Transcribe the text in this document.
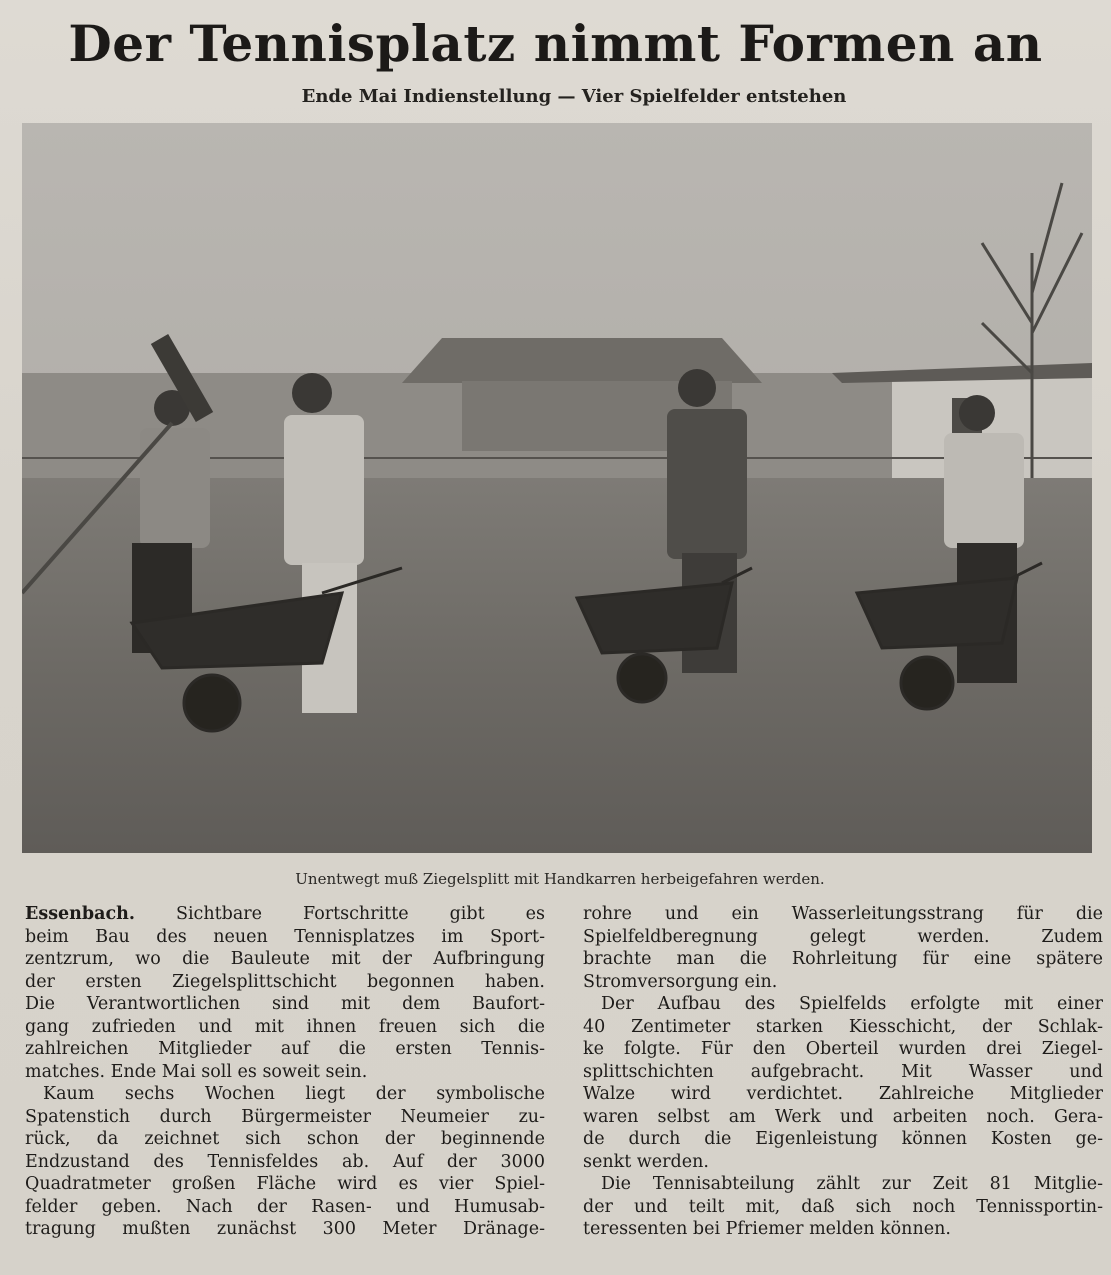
Der Tennisplatz nimmt Formen an
Ende Mai Indienstellung — Vier Spielfelder entstehen
Unentwegt muß Ziegelsplitt mit Handkarren herbeigefahren werden.
Essenbach. Sichtbare Fortschritte gibt es
beim Bau des neuen Tennisplatzes im Sport-
zentzrum, wo die Bauleute mit der Aufbringung
der ersten Ziegelsplittschicht begonnen haben.
Die Verantwortlichen sind mit dem Baufort-
gang zufrieden und mit ihnen freuen sich die
zahlreichen Mitglieder auf die ersten Tennis-
matches. Ende Mai soll es soweit sein.
Kaum sechs Wochen liegt der symbolische
Spatenstich durch Bürgermeister Neumeier zu-
rück, da zeichnet sich schon der beginnende
Endzustand des Tennisfeldes ab. Auf der 3000
Quadratmeter großen Fläche wird es vier Spiel-
felder geben. Nach der Rasen- und Humusab-
tragung mußten zunächst 300 Meter Dränage-
rohre und ein Wasserleitungsstrang für die
Spielfeldberegnung gelegt werden. Zudem
brachte man die Rohrleitung für eine spätere
Stromversorgung ein.
Der Aufbau des Spielfelds erfolgte mit einer
40 Zentimeter starken Kiesschicht, der Schlak-
ke folgte. Für den Oberteil wurden drei Ziegel-
splittschichten aufgebracht. Mit Wasser und
Walze wird verdichtet. Zahlreiche Mitglieder
waren selbst am Werk und arbeiten noch. Gera-
de durch die Eigenleistung können Kosten ge-
senkt werden.
Die Tennisabteilung zählt zur Zeit 81 Mitglie-
der und teilt mit, daß sich noch Tennissportin-
teressenten bei Pfriemer melden können.
